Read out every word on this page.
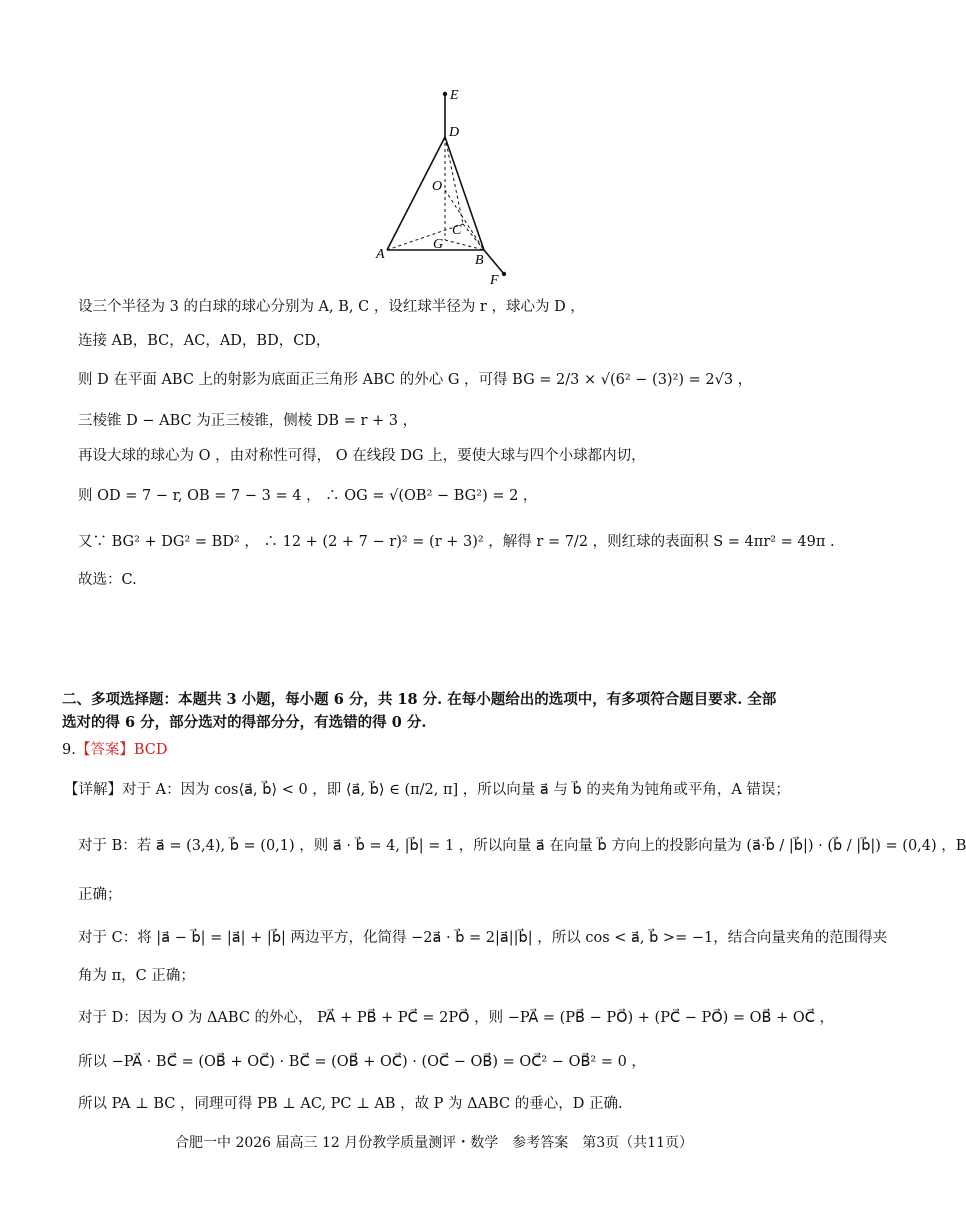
E
D
O
C
G
A	B
F
设三个半径为 3 的白球的球心分别为 A, B, C ，设红球半径为 r ，球心为 D ，
连接 AB，BC，AC，AD，BD，CD，
则 D 在平面 ABC 上的射影为底面正三角形 ABC 的外心 G ，可得 BG = 2/3 × √(6² − (3)²) = 2√3 ，
三棱锥 D − ABC 为正三棱锥，侧棱 DB = r + 3 ，
再设大球的球心为 O ，由对称性可得， O 在线段 DG 上，要使大球与四个小球都内切，
则 OD = 7 − r, OB = 7 − 3 = 4 ， ∴ OG = √(OB² − BG²) = 2 ，
又∵ BG² + DG² = BD² ， ∴ 12 + (2 + 7 − r)² = (r + 3)² ，解得 r = 7/2 ，则红球的表面积 S = 4πr² = 49π .
故选：C.
二、多项选择题：本题共 3 小题，每小题 6 分，共 18 分. 在每小题给出的选项中，有多项符合题目要求. 全部
选对的得 6 分，部分选对的得部分分，有选错的得 0 分.
9.【答案】BCD
【详解】对于 A：因为 cos⟨a⃗, b⃗⟩ < 0 ，即 ⟨a⃗, b⃗⟩ ∈ (π/2, π] ，所以向量 a⃗ 与 b⃗ 的夹角为钝角或平角，A 错误；
对于 B：若 a⃗ = (3,4), b⃗ = (0,1) ，则 a⃗ · b⃗ = 4, |b⃗| = 1 ，所以向量 a⃗ 在向量 b⃗ 方向上的投影向量为 (a⃗·b⃗ / |b⃗|) · (b⃗ / |b⃗|) = (0,4) ，B
正确；
对于 C：将 |a⃗ − b⃗| = |a⃗| + |b⃗| 两边平方，化简得 −2a⃗ · b⃗ = 2|a⃗||b⃗| ，所以 cos < a⃗, b⃗ >= −1，结合向量夹角的范围得夹
角为 π，C 正确；
对于 D：因为 O 为 ΔABC 的外心， PA⃗ + PB⃗ + PC⃗ = 2PO⃗ ，则 −PA⃗ = (PB⃗ − PO⃗) + (PC⃗ − PO⃗) = OB⃗ + OC⃗ ，
所以 −PA⃗ · BC⃗ = (OB⃗ + OC⃗) · BC⃗ = (OB⃗ + OC⃗) · (OC⃗ − OB⃗) = OC⃗² − OB⃗² = 0 ，
所以 PA ⊥ BC ，同理可得 PB ⊥ AC, PC ⊥ AB ，故 P 为 ΔABC 的垂心，D 正确.
合肥一中 2026 届高三 12 月份教学质量测评・数学　参考答案　第3页（共11页）
